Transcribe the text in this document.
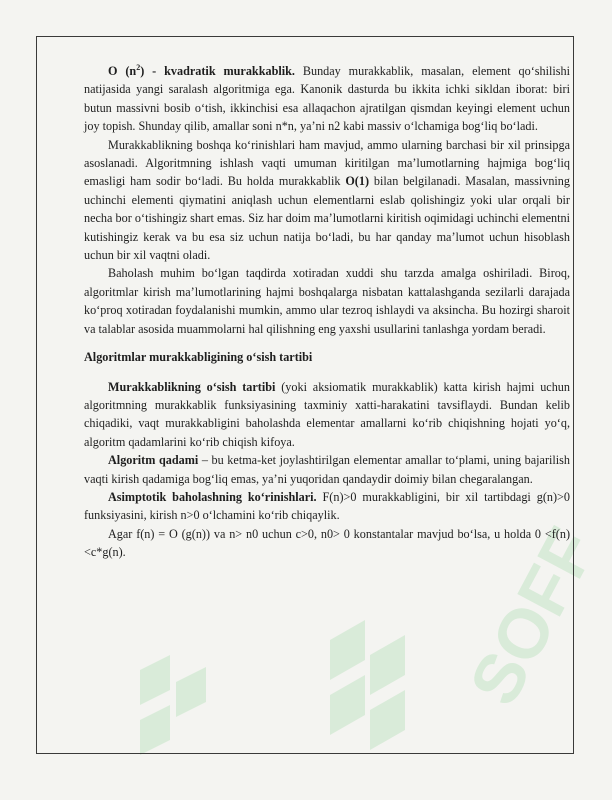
SOFF

O $(n^2)$ - kvadratik murakkablik. Bunday murakkablik, masalan, element qo‘shilishi natijasida yangi saralash algoritmiga ega. Kanonik dasturda bu ikkita ichki sikldan iborat: biri butun massivni bosib o‘tish, ikkinchisi esa allaqachon ajratilgan qismdan keyingi element uchun joy topish. Shunday qilib, amallar soni n*n, ya’ni n2 kabi massiv o‘lchamiga bog‘liq bo‘ladi.

Murakkablikning boshqa ko‘rinishlari ham mavjud, ammo ularning barchasi bir xil prinsipga asoslanadi. Algoritmning ishlash vaqti umuman kiritilgan ma’lumotlarning hajmiga bog‘liq emasligi ham sodir bo‘ladi. Bu holda murakkablik O(1) bilan belgilanadi. Masalan, massivning uchinchi elementi qiymatini aniqlash uchun elementlarni eslab qolishingiz yoki ular orqali bir necha bor o‘tishingiz shart emas. Siz har doim ma’lumotlarni kiritish oqimidagi uchinchi elementni kutishingiz kerak va bu esa siz uchun natija bo‘ladi, bu har qanday ma’lumot uchun hisoblash uchun bir xil vaqtni oladi.

Baholash muhim bo‘lgan taqdirda xotiradan xuddi shu tarzda amalga oshiriladi. Biroq, algoritmlar kirish ma’lumotlarining hajmi boshqalarga nisbatan kattalashganda sezilarli darajada ko‘proq xotiradan foydalanishi mumkin, ammo ular tezroq ishlaydi va aksincha. Bu hozirgi sharoit va talablar asosida muammolarni hal qilishning eng yaxshi usullarini tanlashga yordam beradi.

Algoritmlar murakkabligining o‘sish tartibi

Murakkablikning o‘sish tartibi (yoki aksiomatik murakkablik) katta kirish hajmi uchun algoritmning murakkablik funksiyasining taxminiy xatti-harakatini tavsiflaydi. Bundan kelib chiqadiki, vaqt murakkabligini baholashda elementar amallarni ko‘rib chiqishning hojati yo‘q, algoritm qadamlarini ko‘rib chiqish kifoya.

Algoritm qadami – bu ketma-ket joylashtirilgan elementar amallar to‘plami, uning bajarilish vaqti kirish qadamiga bog‘liq emas, ya’ni yuqoridan qandaydir doimiy bilan chegaralangan.

Asimptotik baholashning ko‘rinishlari. F(n)>0 murakkabligini, bir xil tartibdagi g(n)>0 funksiyasini, kirish n>0 o‘lchamini ko‘rib chiqaylik.

Agar f(n) = O (g(n)) va n> n0 uchun c>0, n0> 0 konstantalar mavjud bo‘lsa, u holda 0 <f(n)<c*g(n).
